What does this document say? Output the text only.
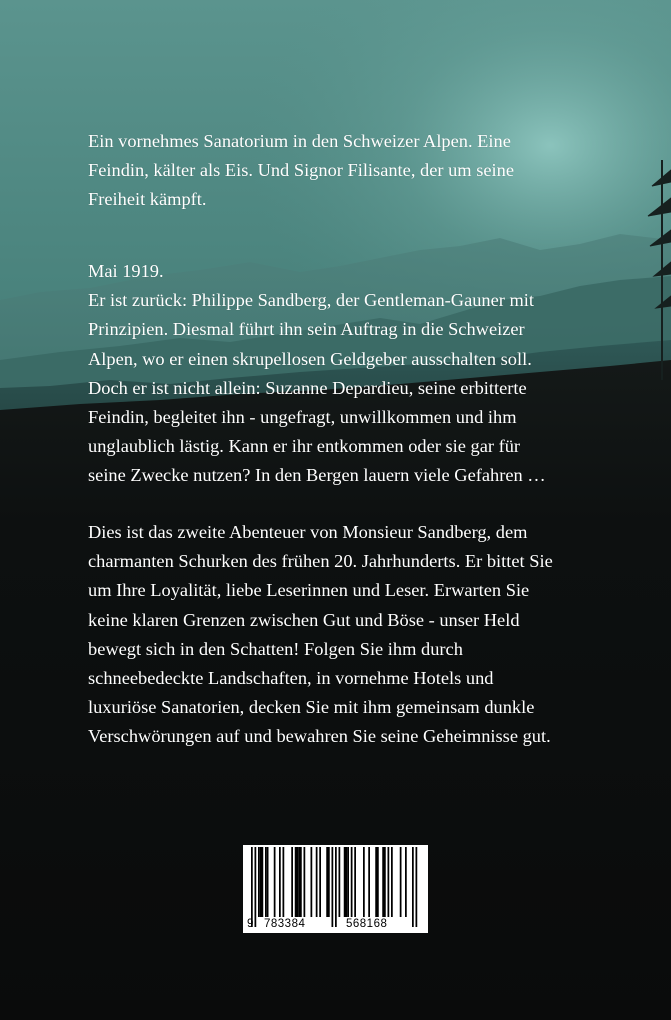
Ein vornehmes Sanatorium in den Schweizer Alpen. Eine

Feindin, kälter als Eis. Und Signor Filisante, der um seine

Freiheit kämpft.

Mai 1919.

Er ist zurück: Philippe Sandberg, der Gentleman-Gauner mit

Prinzipien. Diesmal führt ihn sein Auftrag in die Schweizer

Alpen, wo er einen skrupellosen Geldgeber ausschalten soll.

Doch er ist nicht allein: Suzanne Depardieu, seine erbitterte

Feindin, begleitet ihn - ungefragt, unwillkommen und ihm

unglaublich lästig. Kann er ihr entkommen oder sie gar für

seine Zwecke nutzen? In den Bergen lauern viele Gefahren …

Dies ist das zweite Abenteuer von Monsieur Sandberg, dem

charmanten Schurken des frühen 20. Jahrhunderts. Er bittet Sie

um Ihre Loyalität, liebe Leserinnen und Leser. Erwarten Sie

keine klaren Grenzen zwischen Gut und Böse - unser Held

bewegt sich in den Schatten! Folgen Sie ihm durch

schneebedeckte Landschaften, in vornehme Hotels und

luxuriöse Sanatorien, decken Sie mit ihm gemeinsam dunkle

Verschwörungen auf und bewahren Sie seine Geheimnisse gut.

9 783384	568168
